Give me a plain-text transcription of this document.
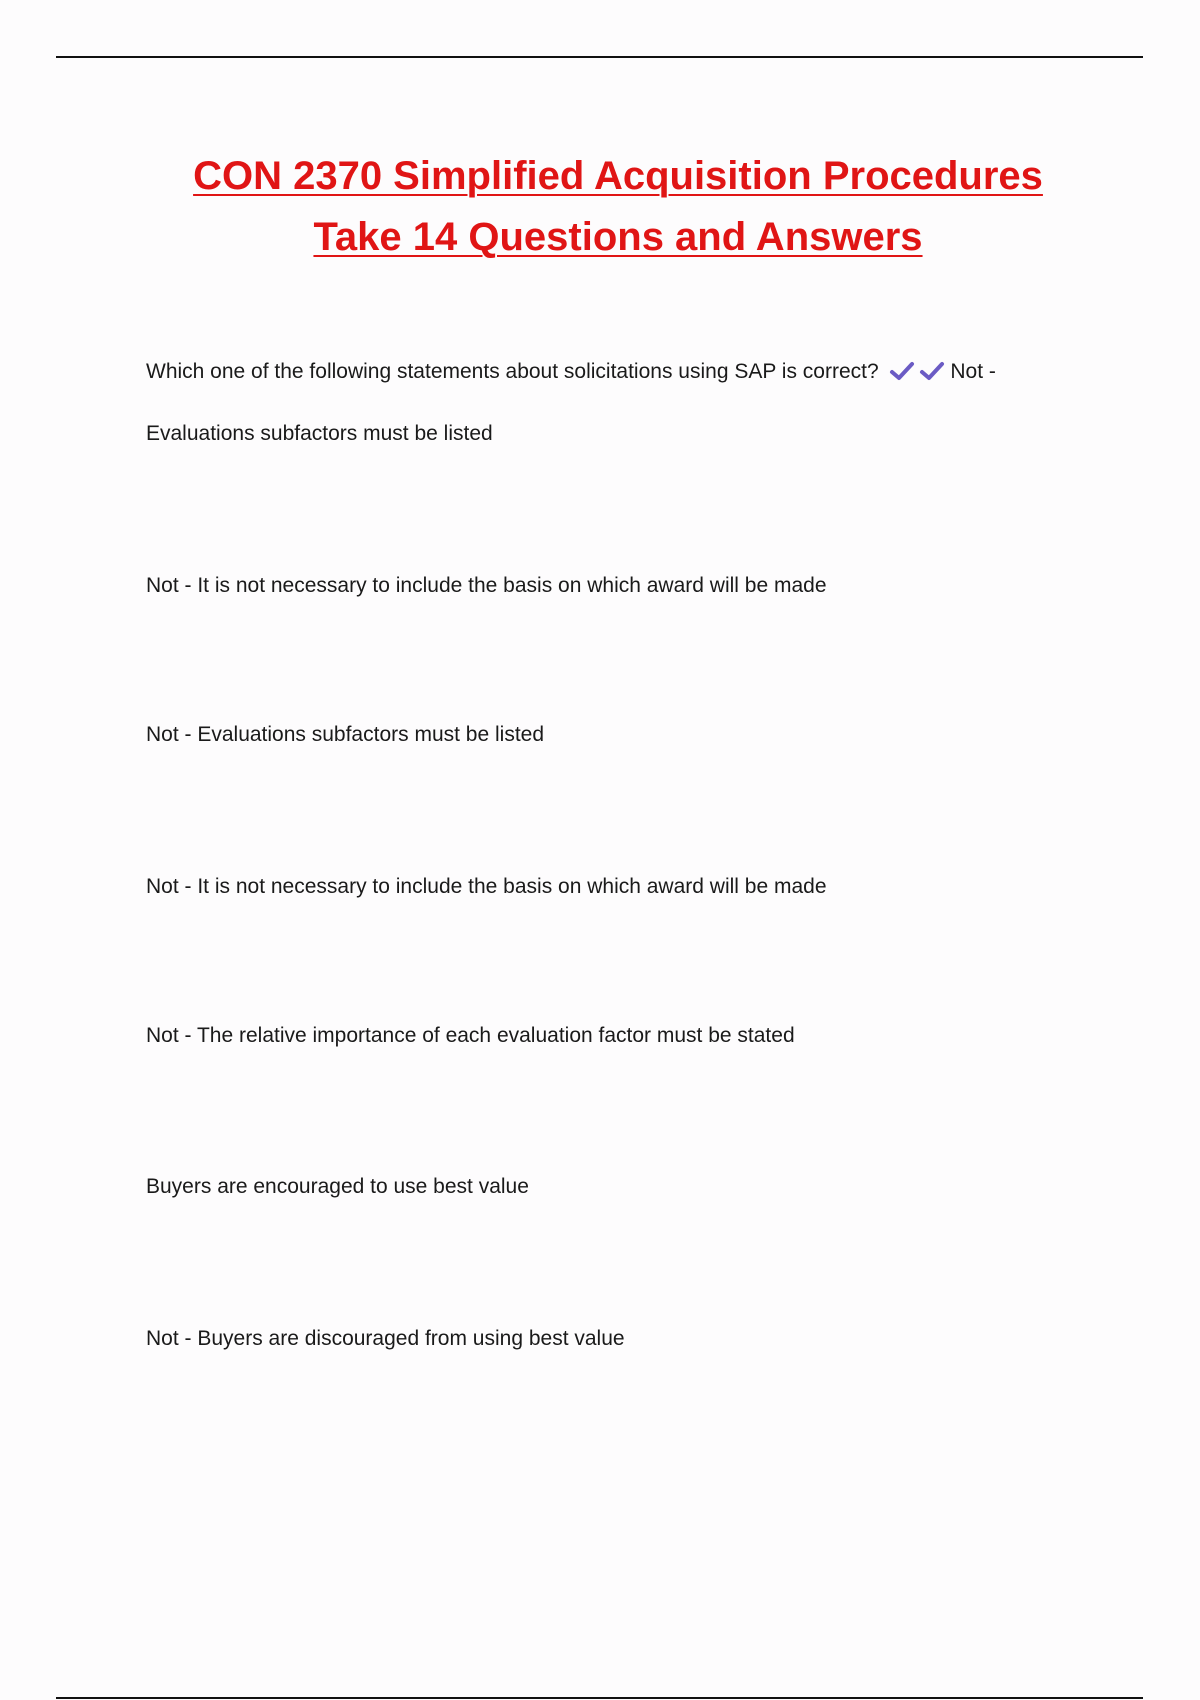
CON 2370 Simplified Acquisition Procedures
Take 14 Questions and Answers

Which one of the following statements about solicitations using SAP is correct?	Not -

Evaluations subfactors must be listed

Not - It is not necessary to include the basis on which award will be made

Not - Evaluations subfactors must be listed

Not - It is not necessary to include the basis on which award will be made

Not - The relative importance of each evaluation factor must be stated

Buyers are encouraged to use best value

Not - Buyers are discouraged from using best value
